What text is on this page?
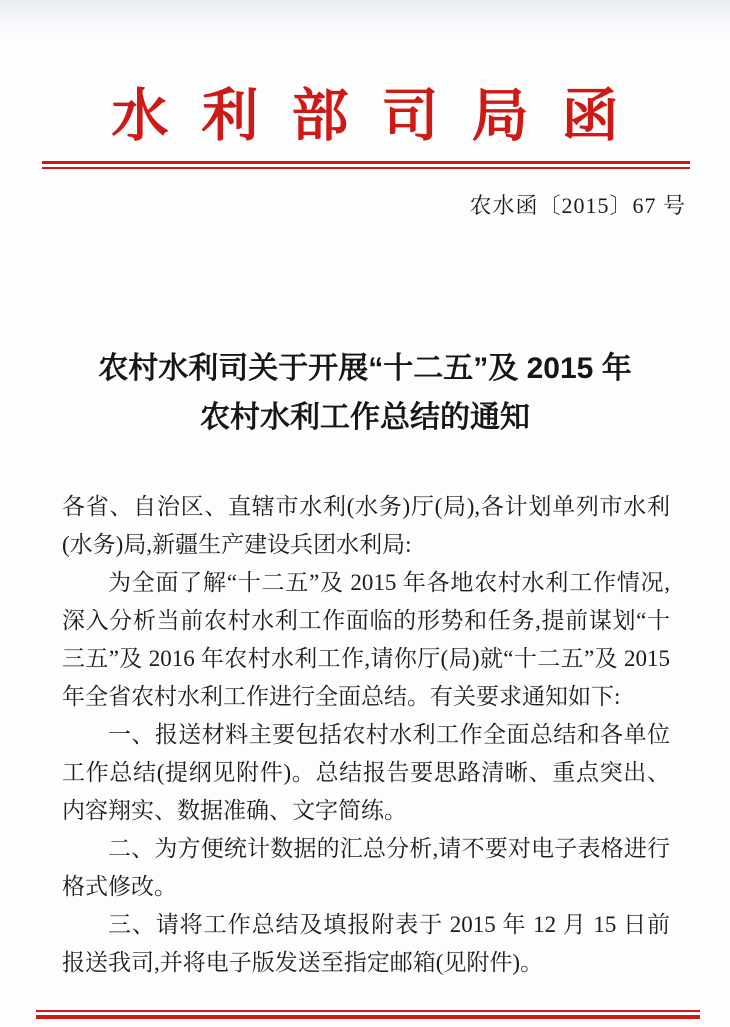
水利部司局函
农水函〔2015〕67 号
农村水利司关于开展“十二五”及 2015 年
农村水利工作总结的通知

各省、自治区、直辖市水利(水务)厅(局),各计划单列市水利(水务)局,新疆生产建设兵团水利局:

为全面了解“十二五”及 2015 年各地农村水利工作情况,深入分析当前农村水利工作面临的形势和任务,提前谋划“十三五”及 2016 年农村水利工作,请你厅(局)就“十二五”及 2015 年全省农村水利工作进行全面总结。有关要求通知如下:

一、报送材料主要包括农村水利工作全面总结和各单位工作总结(提纲见附件)。总结报告要思路清晰、重点突出、内容翔实、数据准确、文字简练。

二、为方便统计数据的汇总分析,请不要对电子表格进行格式修改。

三、请将工作总结及填报附表于 2015 年 12 月 15 日前报送我司,并将电子版发送至指定邮箱(见附件)。
